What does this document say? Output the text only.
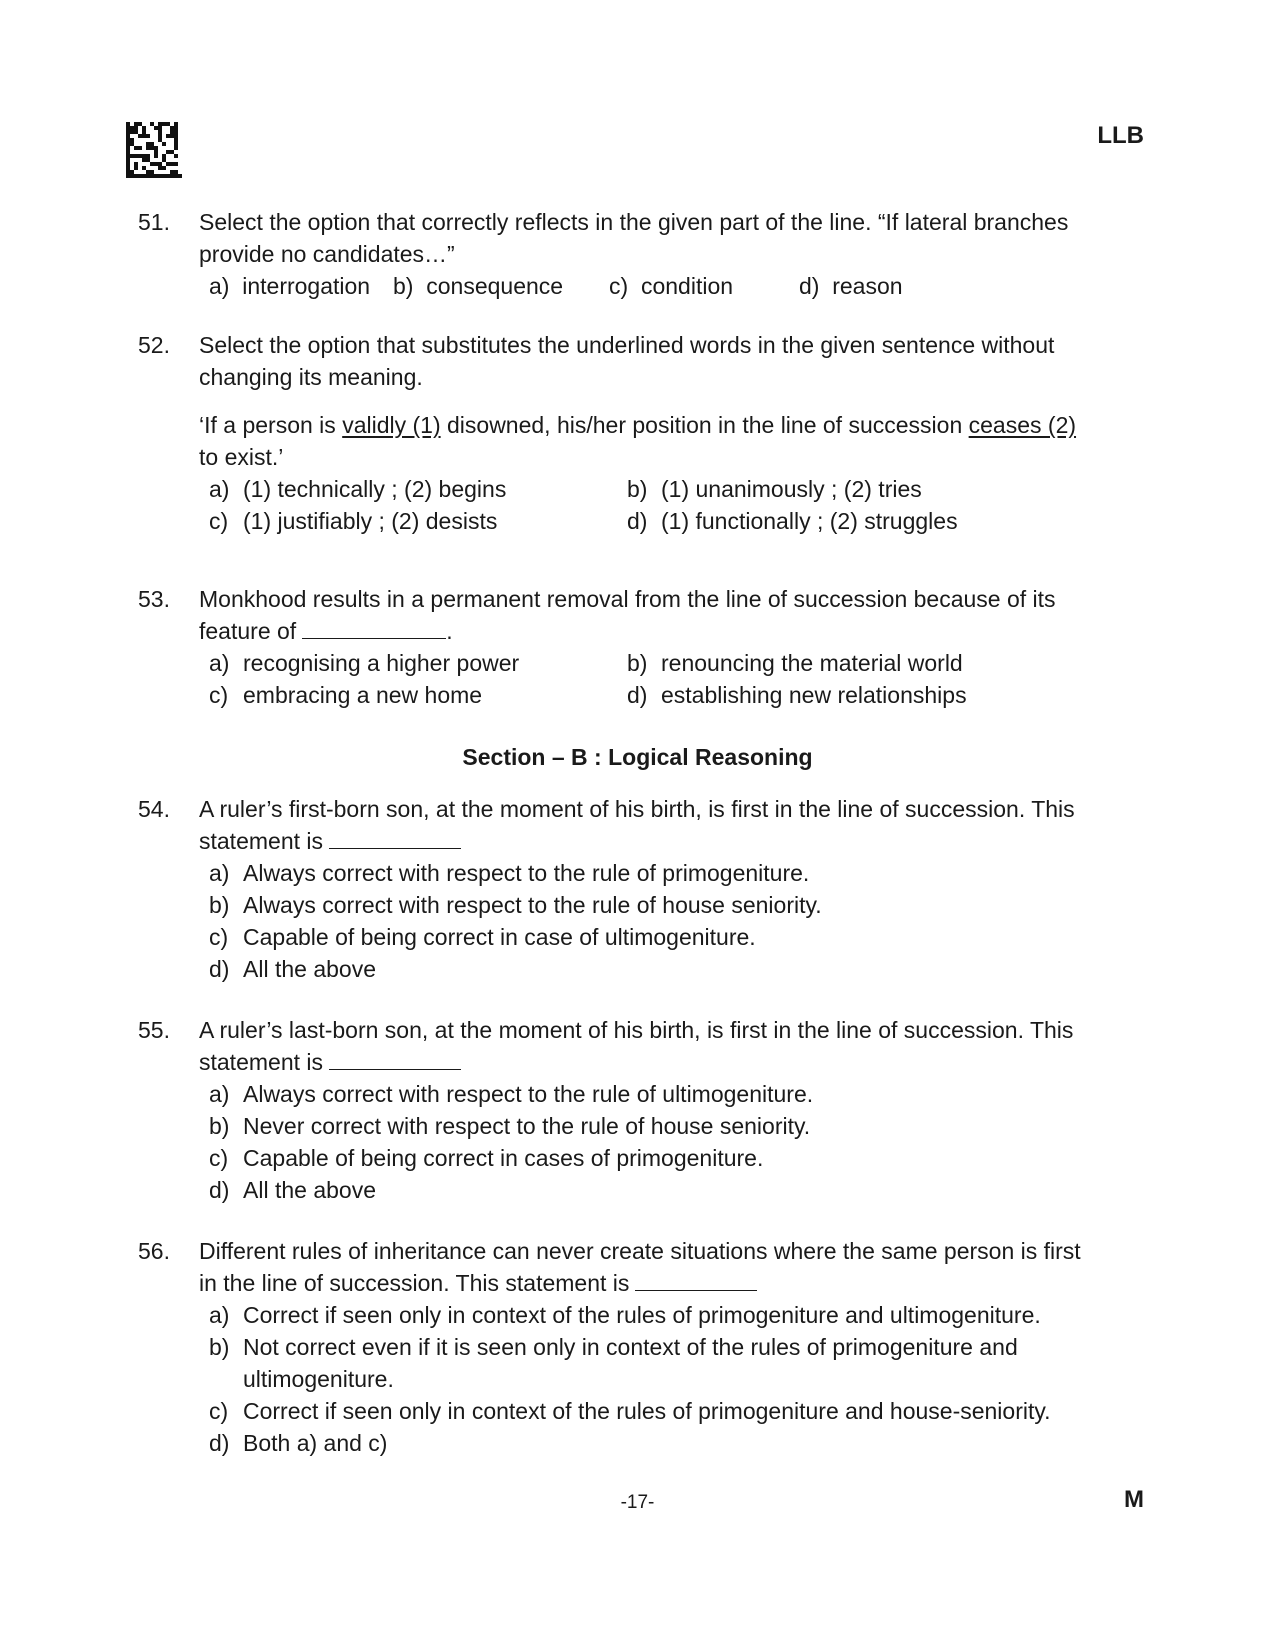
LLB
51. Select the option that correctly reflects in the given part of the line. “If lateral branches provide no candidates…”
a) interrogation b) consequence c) condition	d) reason
52. Select the option that substitutes the underlined words in the given sentence without changing its meaning.
‘If a person is validly (1) disowned, his/her position in the line of succession ceases (2) to exist.’
a) (1) technically ; (2) begins	b) (1) unanimously ; (2) tries
c) (1) justifiably ; (2) desists	d) (1) functionally ; (2) struggles
53. Monkhood results in a permanent removal from the line of succession because of its feature of	.
a) recognising a higher power	b) renouncing the material world
c) embracing a new home	d) establishing new relationships
Section – B : Logical Reasoning
54. A ruler’s first-born son, at the moment of his birth, is first in the line of succession. This statement is
a) Always correct with respect to the rule of primogeniture.
b) Always correct with respect to the rule of house seniority.
c) Capable of being correct in case of ultimogeniture.
d) All the above
55. A ruler’s last-born son, at the moment of his birth, is first in the line of succession. This statement is
a) Always correct with respect to the rule of ultimogeniture.
b) Never correct with respect to the rule of house seniority.
c) Capable of being correct in cases of primogeniture.
d) All the above
56. Different rules of inheritance can never create situations where the same person is first in the line of succession. This statement is
a) Correct if seen only in context of the rules of primogeniture and ultimogeniture.
b) Not correct even if it is seen only in context of the rules of primogeniture and ultimogeniture.
c) Correct if seen only in context of the rules of primogeniture and house-seniority.
d) Both a) and c)
-17-	M
